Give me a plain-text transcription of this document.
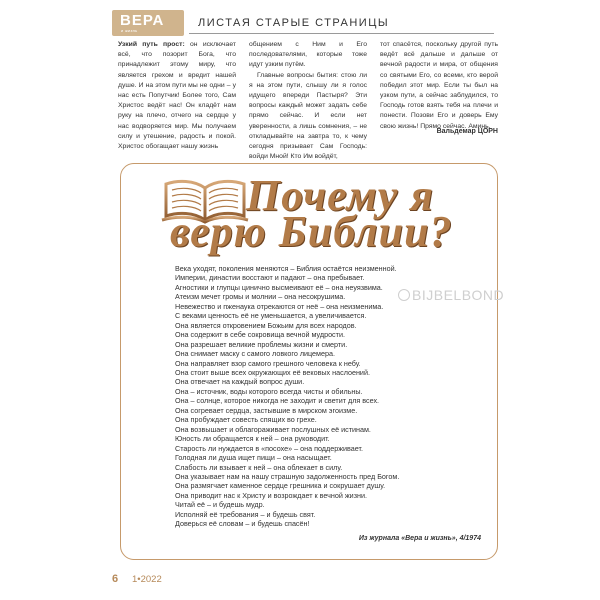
ВЕРА
и жизнь
ЛИСТАЯ СТАРЫЕ СТРАНИЦЫ

Узкий путь прост: он исключает всё, что позорит Бога, что принадлежит этому миру, что является грехом и вредит нашей душе. И на этом пути мы не одни – у нас есть Попутчик! Более того, Сам Христос ведёт нас! Он кладёт нам руку на плечо, отчего на сердце у нас водворяется мир. Мы получаем силу и утешение, радость и покой. Христос обогащает нашу жизнь

общением с Ним и Его последователями, которые тоже идут узким путём.

Главные вопросы бытия: стою ли я на этом пути, слышу ли я голос идущего впереди Пастыря? Эти вопросы каждый может задать себе прямо сейчас. И если нет уверенности, а лишь сомнения, – не откладывайте на завтра то, к чему сегодня призывает Сам Господь: войди Мной! Кто Им войдёт,

тот спасётся, поскольку другой путь ведёт всё дальше и дальше от вечной радости и мира, от общения со святыми Его, со всеми, кто верой победил этот мир. Если ты был на узком пути, а сейчас заблудился, то Господь готов взять тебя на плечи и понести. Позови Его и доверь Ему свою жизнь! Прямо сейчас. Аминь.

Вальдемар ЦОРН
Почему я
верю Библии?
BIJBELBOND
Века уходят, поколения меняются – Библия остаётся неизменной.
Империи, династии восстают и падают – она пребывает.
Агностики и глупцы цинично высмеивают её – она неуязвима.
Атеизм мечет громы и молнии – она несокрушима.
Невежество и пженаука отрекаются от неё – она неизменима.
С веками ценность её не уменьшается, а увеличивается.
Она является откровением Божьим для всех народов.
Она содержит в себе сокровища вечной мудрости.
Она разрешает великие проблемы жизни и смерти.
Она снимает маску с самого ловкого лицемера.
Она направляет взор самого грешного человека к небу.
Она стоит выше всех окружающих её вековых наслоений.
Она отвечает на каждый вопрос души.
Она – источник, воды которого всегда чисты и обильны.
Она – солнце, которое никогда не заходит и светит для всех.
Она согревает сердца, застывшие в мирском эгоизме.
Она пробуждает совесть спящих во грехе.
Она возвышает и облагораживает послушных её истинам.
Юность ли обращается к ней – она руководит.
Старость ли нуждается в «посохе» – она поддерживает.
Голодная ли душа ищет пищи – она насыщает.
Слабость ли взывает к ней – она облекает в силу.
Она указывает нам на нашу страшную задолженность пред Богом.
Она размягчает каменное сердце грешника и сокрушает душу.
Она приводит нас к Христу и возрождает к вечной жизни.
Читай её – и будешь мудр.
Исполняй её требования – и будешь свят.
Доверься её словам – и будешь спасён!
Из журнала «Вера и жизнь», 4/1974
6 1•2022
